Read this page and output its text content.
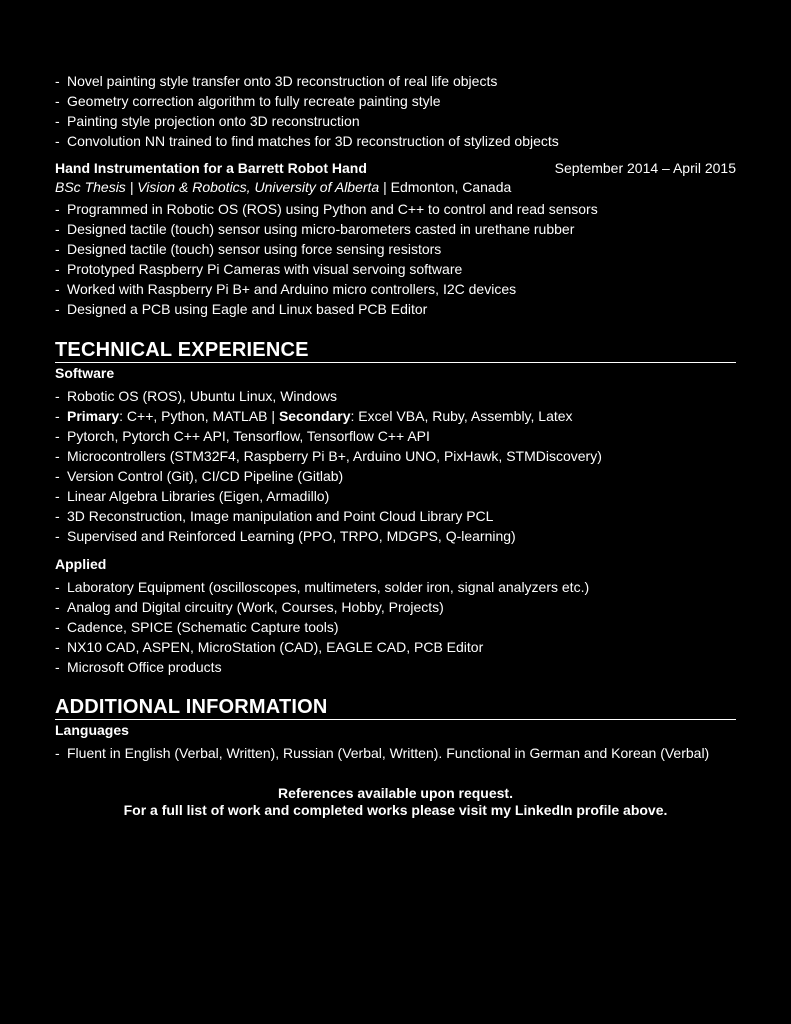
- Novel painting style transfer onto 3D reconstruction of real life objects
- Geometry correction algorithm to fully recreate painting style
- Painting style projection onto 3D reconstruction
- Convolution NN trained to find matches for 3D reconstruction of stylized objects
Hand Instrumentation for a Barrett Robot Hand	September 2014 – April 2015
BSc Thesis | Vision & Robotics, University of Alberta | Edmonton, Canada
- Programmed in Robotic OS (ROS) using Python and C++ to control and read sensors
- Designed tactile (touch) sensor using micro-barometers casted in urethane rubber
- Designed tactile (touch) sensor using force sensing resistors
- Prototyped Raspberry Pi Cameras with visual servoing software
- Worked with Raspberry Pi B+ and Arduino micro controllers, I2C devices
- Designed a PCB using Eagle and Linux based PCB Editor
TECHNICAL EXPERIENCE
Software
- Robotic OS (ROS), Ubuntu Linux, Windows
- Primary: C++, Python, MATLAB | Secondary: Excel VBA, Ruby, Assembly, Latex
- Pytorch, Pytorch C++ API, Tensorflow, Tensorflow C++ API
- Microcontrollers (STM32F4, Raspberry Pi B+, Arduino UNO, PixHawk, STMDiscovery)
- Version Control (Git), CI/CD Pipeline (Gitlab)
- Linear Algebra Libraries (Eigen, Armadillo)
- 3D Reconstruction, Image manipulation and Point Cloud Library PCL
- Supervised and Reinforced Learning (PPO, TRPO, MDGPS, Q-learning)
Applied
- Laboratory Equipment (oscilloscopes, multimeters, solder iron, signal analyzers etc.)
- Analog and Digital circuitry (Work, Courses, Hobby, Projects)
- Cadence, SPICE (Schematic Capture tools)
- NX10 CAD, ASPEN, MicroStation (CAD), EAGLE CAD, PCB Editor
- Microsoft Office products
ADDITIONAL INFORMATION
Languages
- Fluent in English (Verbal, Written), Russian (Verbal, Written). Functional in German and Korean (Verbal)
References available upon request.
For a full list of work and completed works please visit my LinkedIn profile above.
